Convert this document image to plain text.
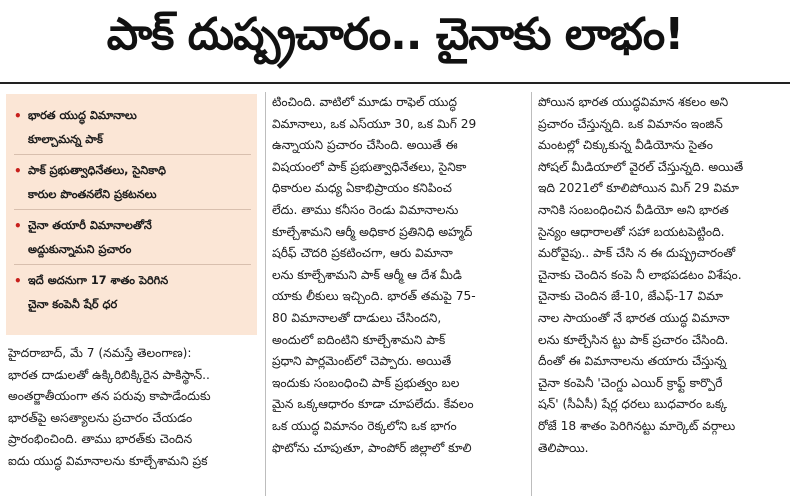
పాక్ దుష్ప్రచారం.. చైనాకు లాభం!
• భారత యుద్ధ విమానాలు
కూల్చామన్న పాక్
• పాక్ ప్రభుత్వాధినేతలు, సైనికాధి
కారుల పొంతనలేని ప్రకటనలు
• చైనా తయారీ విమానాలతోనే
అద్దుకున్నామని ప్రచారం
• ఇదే అదనుగా 17 శాతం పెరిగిన
చైనా కంపెనీ షేర్ ధర
హైదరాబాద్, మే 7 (నమస్తే తెలంగాణ):
భారత దాడులతో ఉక్కిరిబిక్కిరైన పాకిస్థాన్..
అంతర్జాతీయంగా తన పరువు కాపాడేందుకు
భారత్‌పై అసత్యాలను ప్రచారం చేయడం
ప్రారంభించింది. తాము భారత్‌కు చెందిన
ఐదు యుద్ధ విమానాలను కూల్చేశామని ప్రక
టించింది. వాటిలో మూడు రాఫెల్ యుద్ధ
విమానాలు, ఒక ఎస్‌యూ 30, ఒక మిగ్ 29
ఉన్నాయని ప్రచారం చేసింది. అయితే ఈ
విషయంలో పాక్ ప్రభుత్వాధినేతలు, సైనికా
ధికారుల మధ్య ఏకాభిప్రాయం కనిపించ
లేదు. తాము కనీసం రెండు విమానాలను
కూల్చేశామని ఆర్మీ అధికార ప్రతినిధి అహ్మద్
షరీఫ్ చౌదరి ప్రకటించగా, ఆరు విమానా
లను కూల్చేశామని పాక్ ఆర్మీ ఆ దేశ మీడి
యాకు లీకులు ఇచ్చింది. భారత్ తమపై 75-
80 విమానాలతో దాడులు చేసిందని,
అందులో ఐదింటిని కూల్చేశామని పాక్
ప్రధాని పార్లమెంట్‌లో చెప్పారు. అయితే
ఇందుకు సంబంధించి పాక్ ప్రభుత్వం బల
మైన ఒక్కఆధారం కూడా చూపలేదు. కేవలం
ఒక యుద్ధ విమానం రెక్కలోని ఒక భాగం
ఫొటోను చూపుతూ, పాంపోర్ జిల్లాలో కూలి
పోయిన భారత యుద్ధవిమాన శకలం అని
ప్రచారం చేస్తున్నది. ఒక విమానం ఇంజిన్
మంటల్లో చిక్కుకున్న వీడియోను సైతం
సోషల్ మీడియాలో వైరల్ చేస్తున్నది. అయితే
ఇది 2021లో కూలిపోయిన మిగ్ 29 విమా
నానికి సంబంధించిన వీడియో అని భారత
సైన్యం ఆధారాలతో సహా బయటపెట్టింది.
మరోవైపు.. పాక్ చేసి న ఈ దుష్ప్రచారంతో
చైనాకు చెందిన కంపె నీ లాభపడటం విశేషం.
చైనాకు చెందిన జే-10, జేఎఫ్-17 విమా
నాల సాయంతో నే భారత యుద్ధ విమానా
లను కూల్చేసిన ట్టు పాక్ ప్రచారం చేసింది.
దీంతో ఈ విమానాలను తయారు చేస్తున్న
చైనా కంపెనీ 'చెంగ్డు ఎయిర్ క్రాఫ్ట్ కార్పొరే
షన్' (సీఏసీ) షేర్ల ధరలు బుధవారం ఒక్క
రోజే 18 శాతం పెరిగినట్టు మార్కెట్ వర్గాలు
తెలిపాయి.
